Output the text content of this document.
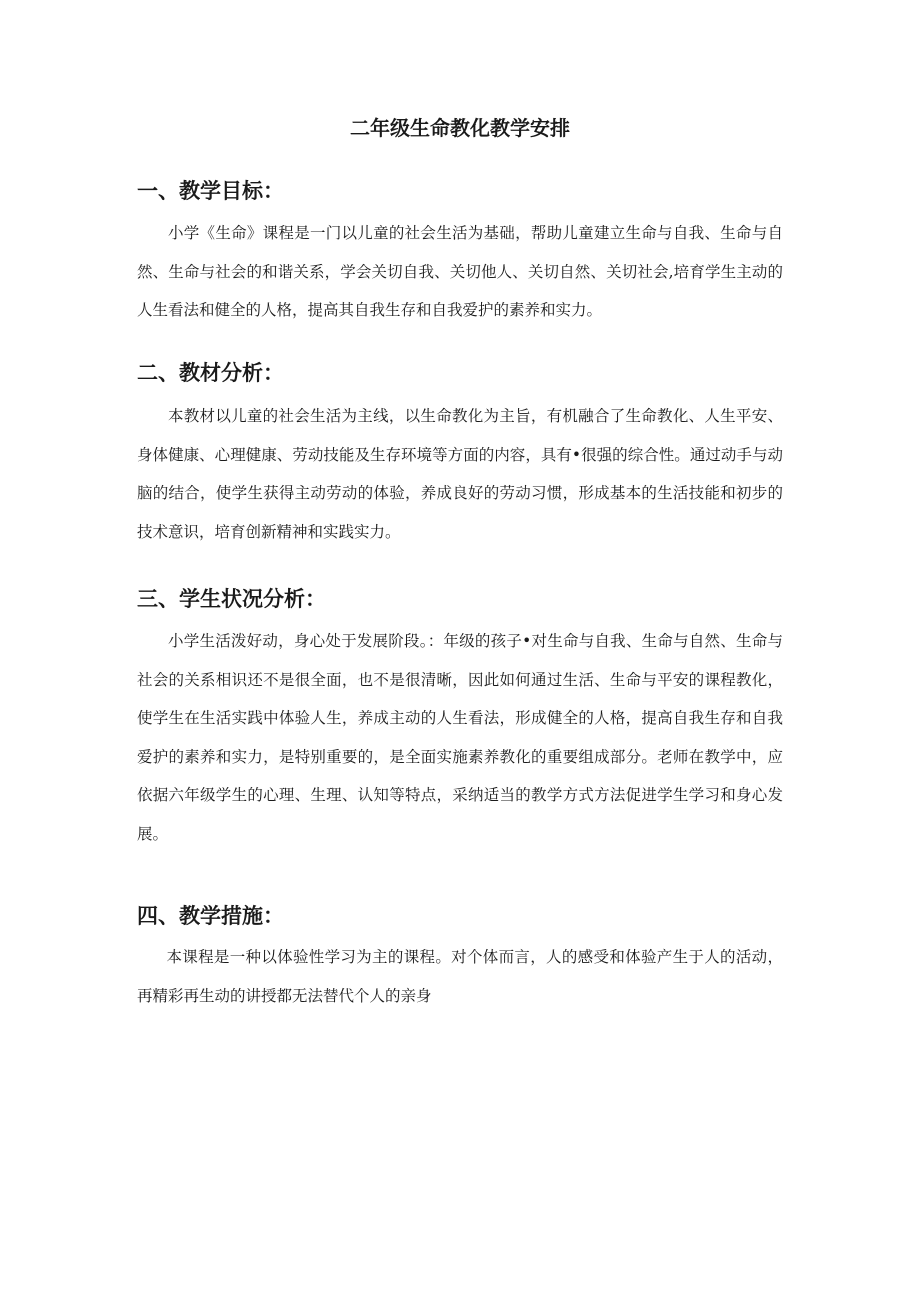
二年级生命教化教学安排
一、教学目标：
小学《生命》课程是一门以儿童的社会生活为基础，帮助儿童建立生命与自我、生命与自然、生命与社会的和谐关系，学会关切自我、关切他人、关切自然、关切社会,培育学生主动的人生看法和健全的人格，提高其自我生存和自我爱护的素养和实力。
二、教材分析：
本教材以儿童的社会生活为主线，以生命教化为主旨，有机融合了生命教化、人生平安、身体健康、心理健康、劳动技能及生存环境等方面的内容，具有•很强的综合性。通过动手与动脑的结合，使学生获得主动劳动的体验，养成良好的劳动习惯，形成基本的生活技能和初步的技术意识，培育创新精神和实践实力。
三、学生状况分析：
小学生活泼好动，身心处于发展阶段。：年级的孩子•对生命与自我、生命与自然、生命与社会的关系相识还不是很全面，也不是很清晰，因此如何通过生活、生命与平安的课程教化，使学生在生活实践中体验人生，养成主动的人生看法，形成健全的人格，提高自我生存和自我爱护的素养和实力，是特别重要的，是全面实施素养教化的重要组成部分。老师在教学中，应依据六年级学生的心理、生理、认知等特点，采纳适当的教学方式方法促进学生学习和身心发展。
四、教学措施：
本课程是一种以体验性学习为主的课程。对个体而言，人的感受和体验产生于人的活动，再精彩再生动的讲授都无法替代个人的亲身
